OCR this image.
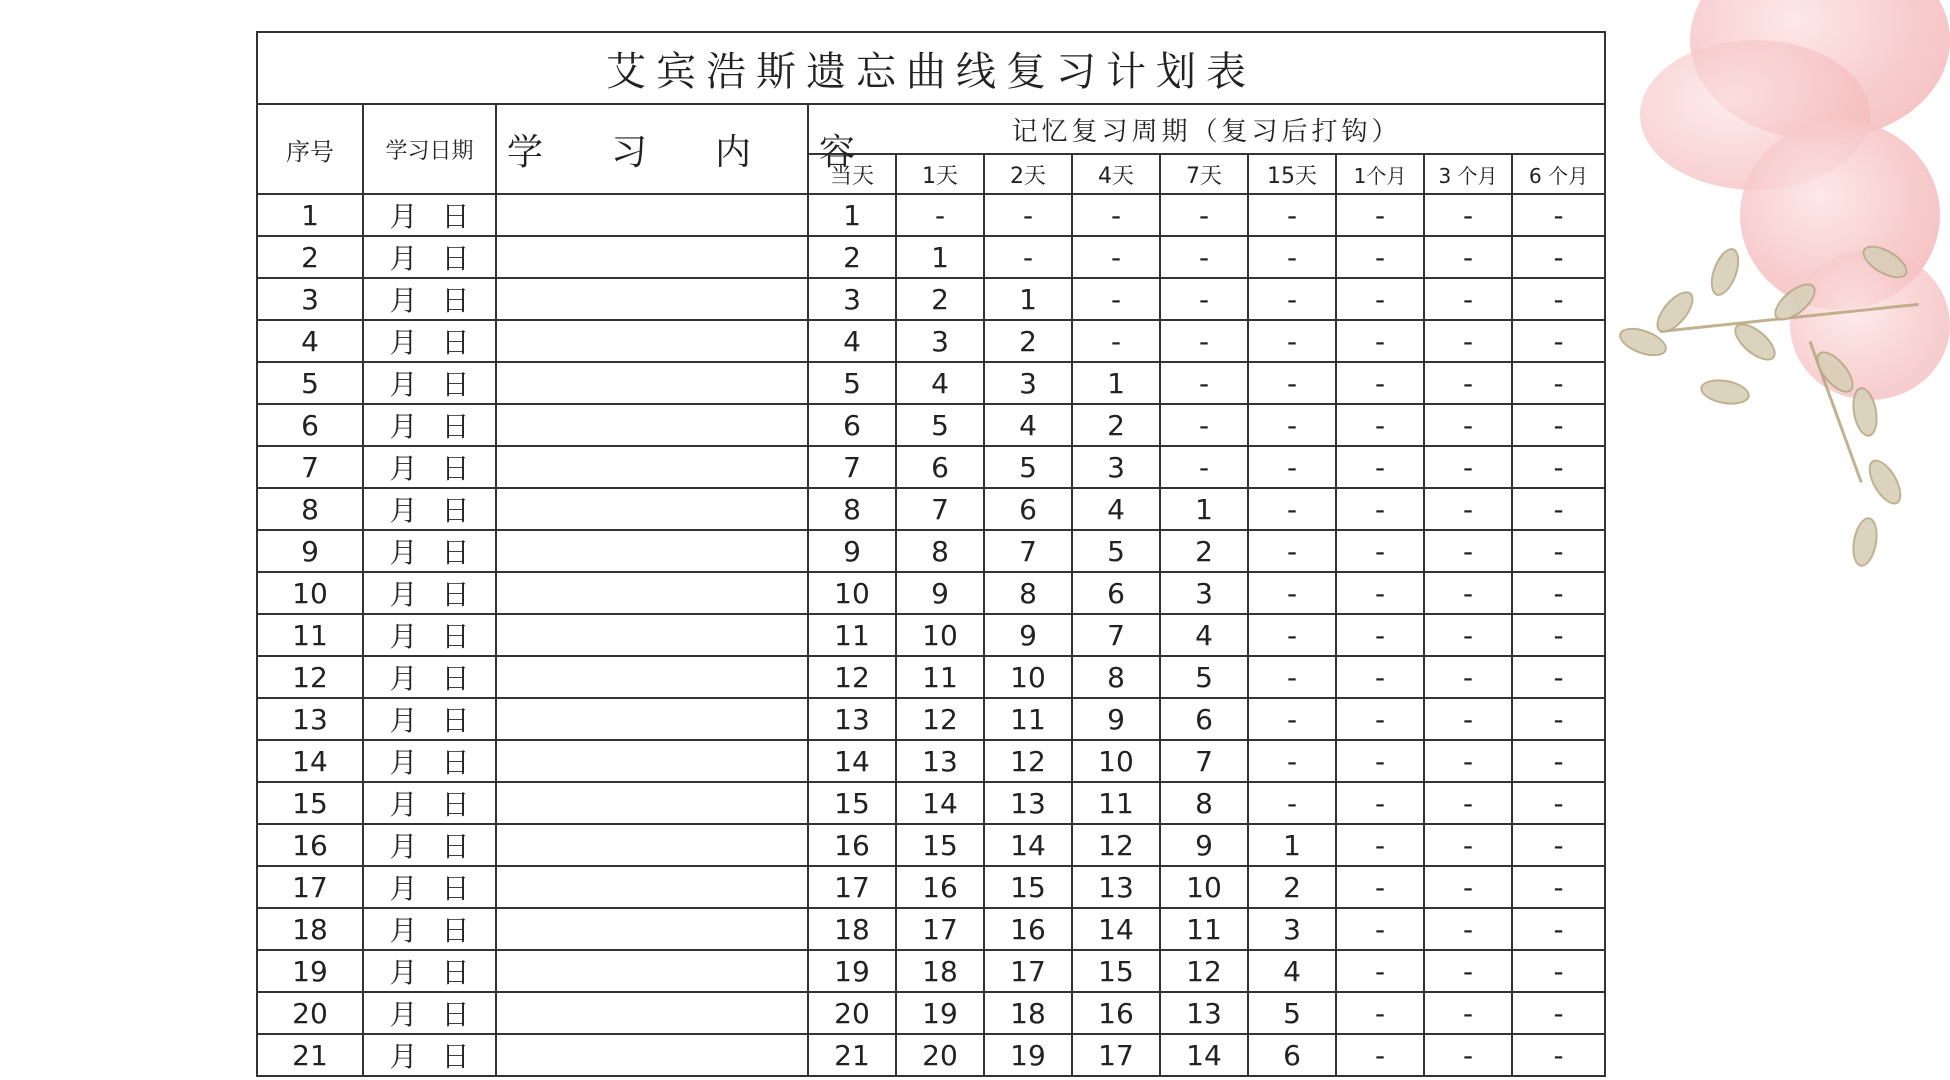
艾宾浩斯遗忘曲线复习计划表											
序号	学习日期	学 习 内 容	记忆复习周期（复习后打钩）								
			当天	1天	2天	4天	7天	15天	1个月	3 个月	6 个月
1	月 日		1	-	-	-	-	-	-	-	-
2	月 日		2	1	-	-	-	-	-	-	-
3	月 日		3	2	1	-	-	-	-	-	-
4	月 日		4	3	2	-	-	-	-	-	-
5	月 日		5	4	3	1	-	-	-	-	-
6	月 日		6	5	4	2	-	-	-	-	-
7	月 日		7	6	5	3	-	-	-	-	-
8	月 日		8	7	6	4	1	-	-	-	-
9	月 日		9	8	7	5	2	-	-	-	-
10	月 日		10	9	8	6	3	-	-	-	-
11	月 日		11	10	9	7	4	-	-	-	-
12	月 日		12	11	10	8	5	-	-	-	-
13	月 日		13	12	11	9	6	-	-	-	-
14	月 日		14	13	12	10	7	-	-	-	-
15	月 日		15	14	13	11	8	-	-	-	-
16	月 日		16	15	14	12	9	1	-	-	-
17	月 日		17	16	15	13	10	2	-	-	-
18	月 日		18	17	16	14	11	3	-	-	-
19	月 日		19	18	17	15	12	4	-	-	-
20	月 日		20	19	18	16	13	5	-	-	-
21	月 日		21	20	19	17	14	6	-	-	-
